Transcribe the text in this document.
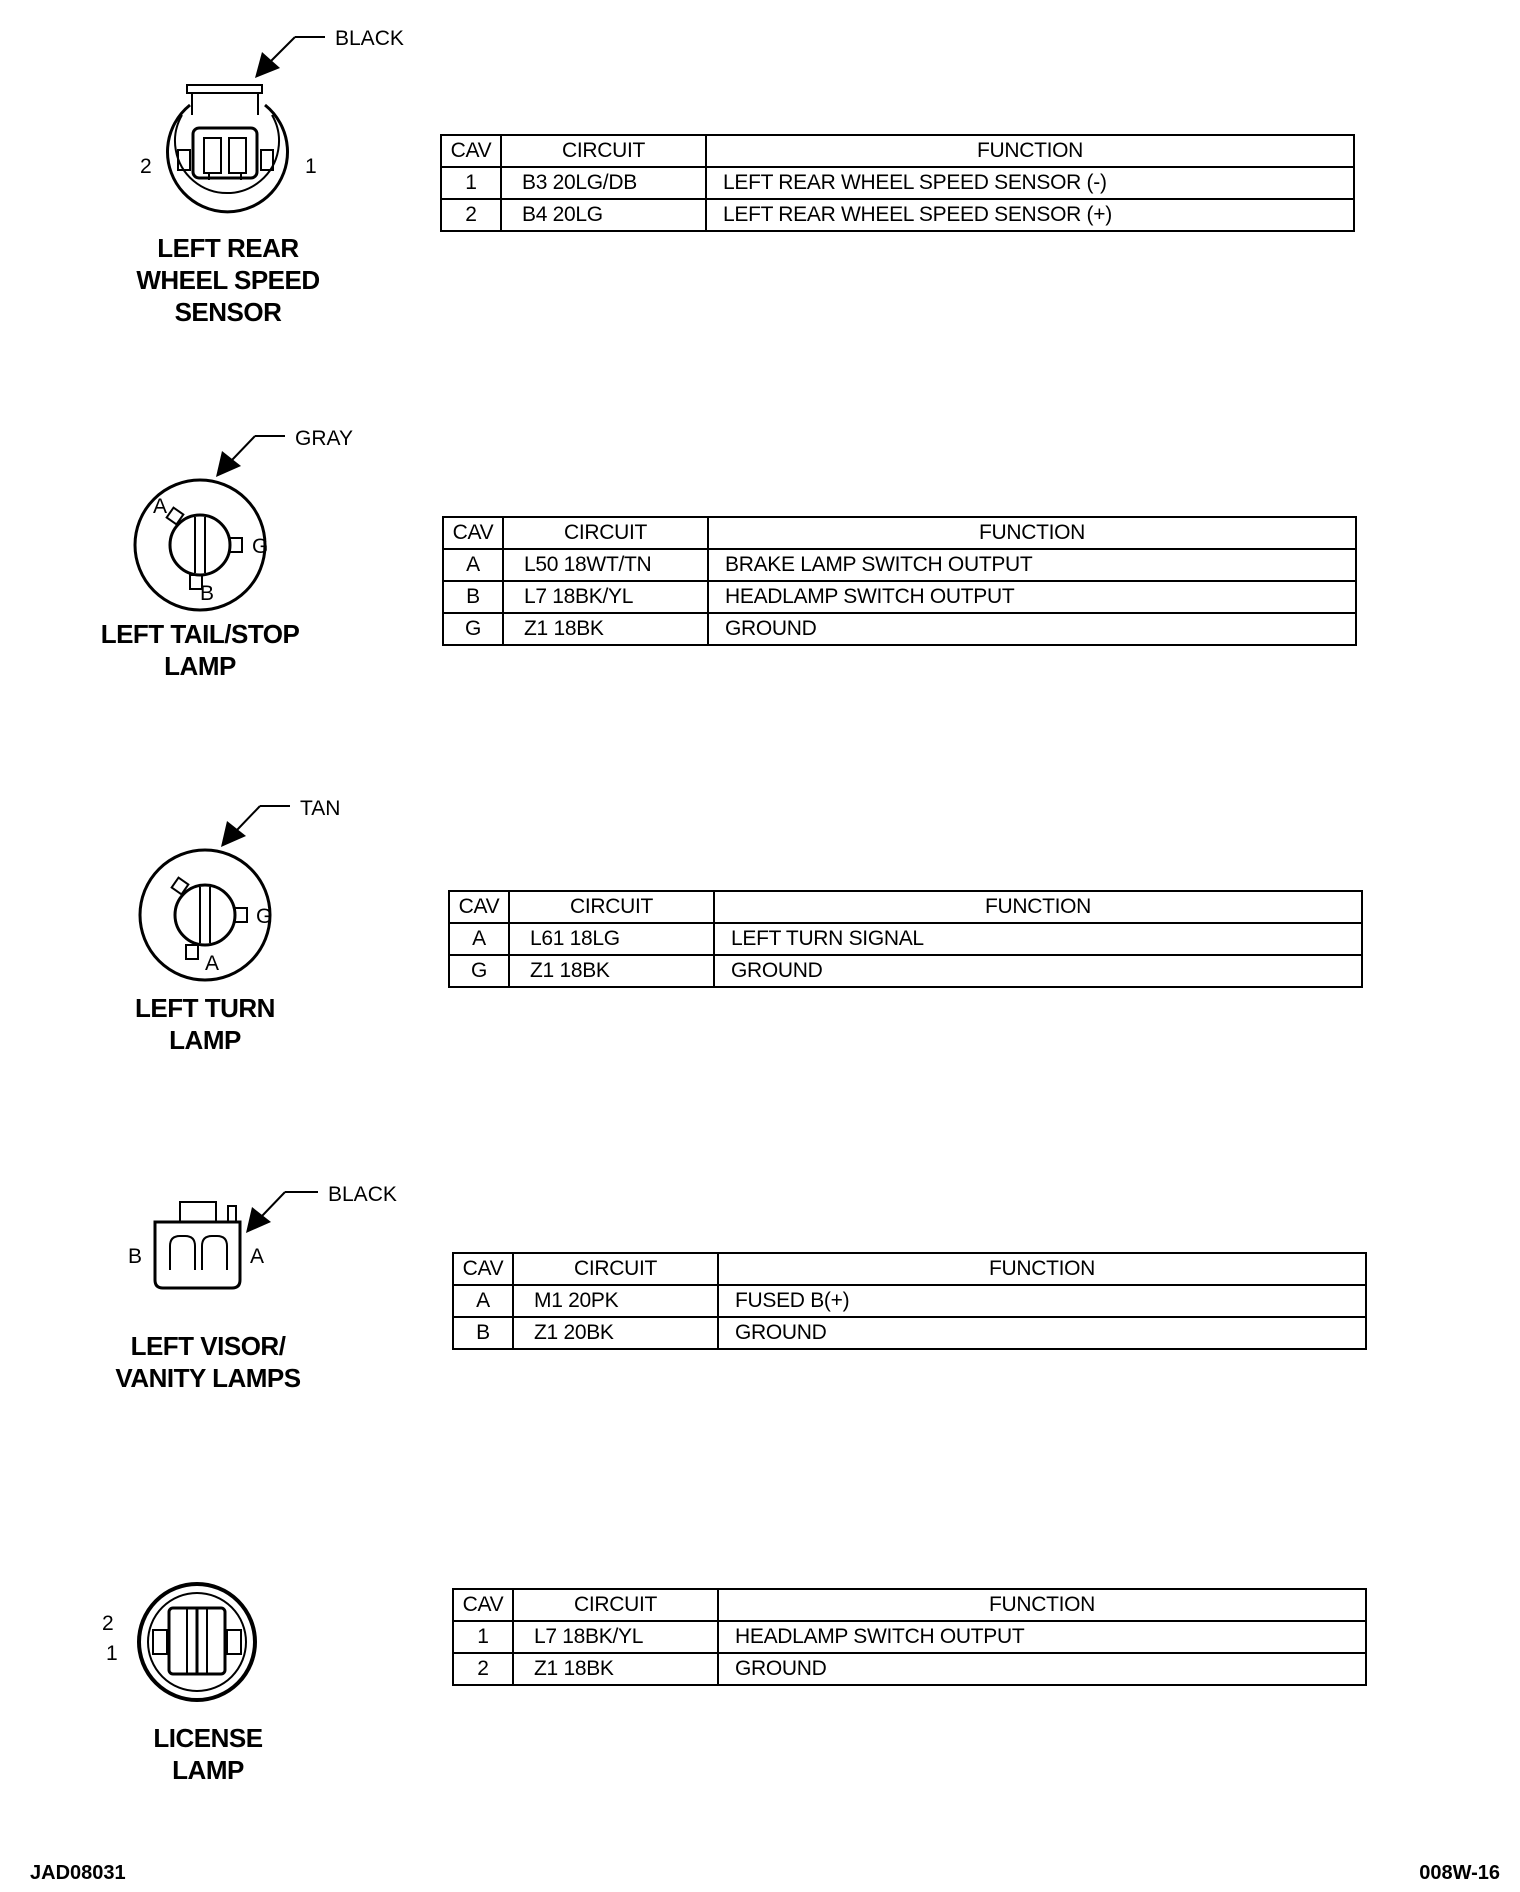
BLACK
2	1
LEFT REAR
WHEEL SPEED
SENSOR
CAV	CIRCUIT	FUNCTION
1	B3 20LG/DB	LEFT REAR WHEEL SPEED SENSOR (-)
2	B4 20LG	LEFT REAR WHEEL SPEED SENSOR (+)
GRAY
A
B
G
LEFT TAIL/STOP
LAMP
CAV	CIRCUIT	FUNCTION
A	L50 18WT/TN	BRAKE LAMP SWITCH OUTPUT
B	L7 18BK/YL	HEADLAMP SWITCH OUTPUT
G	Z1 18BK	GROUND
TAN
A
G
LEFT TURN
LAMP
CAV	CIRCUIT	FUNCTION
A	L61 18LG	LEFT TURN SIGNAL
G	Z1 18BK	GROUND
BLACK
B	A
LEFT VISOR/
VANITY LAMPS
CAV	CIRCUIT	FUNCTION
A	M1 20PK	FUSED B(+)
B	Z1 20BK	GROUND
2
1
LICENSE
LAMP
CAV	CIRCUIT	FUNCTION
1	L7 18BK/YL	HEADLAMP SWITCH OUTPUT
2	Z1 18BK	GROUND
JAD08031	008W-16
